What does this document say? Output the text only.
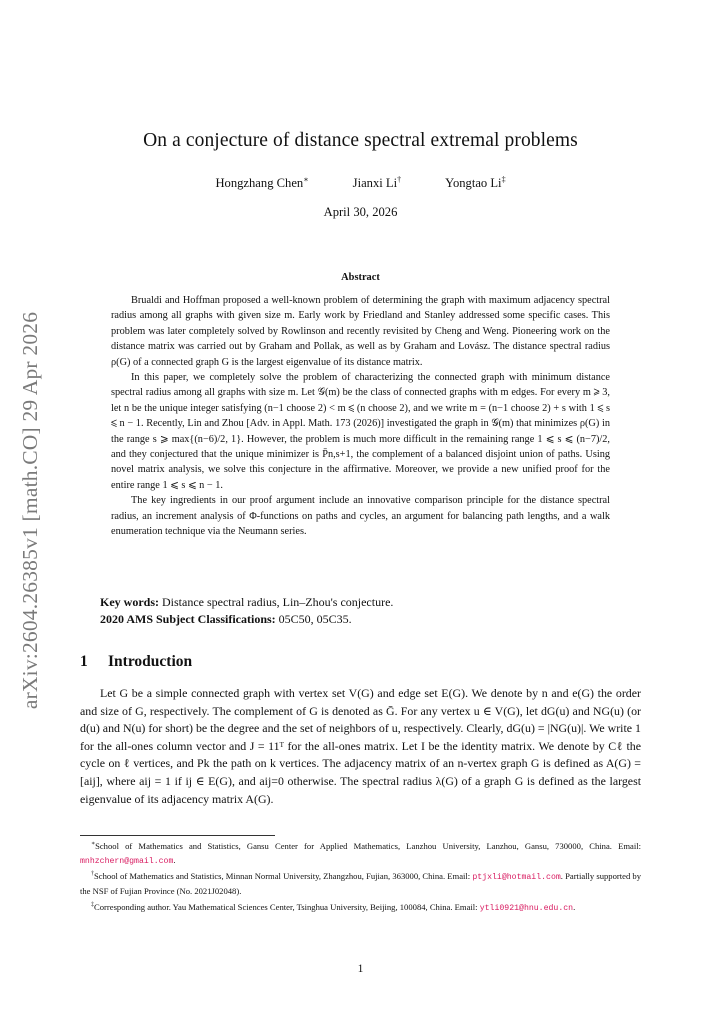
arXiv:2604.26385v1 [math.CO] 29 Apr 2026
On a conjecture of distance spectral extremal problems
Hongzhang Chen∗	Jianxi Li†	Yongtao Li‡
April 30, 2026
Abstract

Brualdi and Hoffman proposed a well-known problem of determining the graph with maximum adjacency spectral radius among all graphs with given size m. Early work by Friedland and Stanley addressed some specific cases. This problem was later completely solved by Rowlinson and recently revisited by Cheng and Weng. Pioneering work on the distance matrix was carried out by Graham and Pollak, as well as by Graham and Lovász. The distance spectral radius ρ(G) of a connected graph G is the largest eigenvalue of its distance matrix.

In this paper, we completely solve the problem of characterizing the connected graph with minimum distance spectral radius among all graphs with size m. Let 𝒢(m) be the class of connected graphs with m edges. For every m ⩾ 3, let n be the unique integer satisfying (n−1 choose 2) < m ⩽ (n choose 2), and we write m = (n−1 choose 2) + s with 1 ⩽ s ⩽ n − 1. Recently, Lin and Zhou [Adv. in Appl. Math. 173 (2026)] investigated the graph in 𝒢(m) that minimizes ρ(G) in the range s ⩾ max{(n−6)/2, 1}. However, the problem is much more difficult in the remaining range 1 ⩽ s ⩽ (n−7)/2, and they conjectured that the unique minimizer is P̄n,s+1, the complement of a balanced disjoint union of paths. Using novel matrix analysis, we solve this conjecture in the affirmative. Moreover, we provide a new unified proof for the entire range 1 ⩽ s ⩽ n − 1.

The key ingredients in our proof argument include an innovative comparison principle for the distance spectral radius, an increment analysis of Φ-functions on paths and cycles, an argument for balancing path lengths, and a walk enumeration technique via the Neumann series.

Key words: Distance spectral radius, Lin–Zhou's conjecture.
2020 AMS Subject Classifications: 05C50, 05C35.
1 Introduction

Let G be a simple connected graph with vertex set V(G) and edge set E(G). We denote by n and e(G) the order and size of G, respectively. The complement of G is denoted as Ḡ. For any vertex u ∈ V(G), let dG(u) and NG(u) (or d(u) and N(u) for short) be the degree and the set of neighbors of u, respectively. Clearly, dG(u) = |NG(u)|. We write 1 for the all-ones column vector and J = 11ᵀ for the all-ones matrix. Let I be the identity matrix. We denote by Cℓ the cycle on ℓ vertices, and Pk the path on k vertices. The adjacency matrix of an n-vertex graph G is defined as A(G) = [aij], where aij = 1 if ij ∈ E(G), and aij=0 otherwise. The spectral radius λ(G) of a graph G is defined as the largest eigenvalue of its adjacency matrix A(G).

∗School of Mathematics and Statistics, Gansu Center for Applied Mathematics, Lanzhou University, Lanzhou, Gansu, 730000, China. Email: mnhzchern@gmail.com.

†School of Mathematics and Statistics, Minnan Normal University, Zhangzhou, Fujian, 363000, China. Email: ptjxli@hotmail.com. Partially supported by the NSF of Fujian Province (No. 2021J02048).

‡Corresponding author. Yau Mathematical Sciences Center, Tsinghua University, Beijing, 100084, China. Email: ytli0921@hnu.edu.cn.

1
